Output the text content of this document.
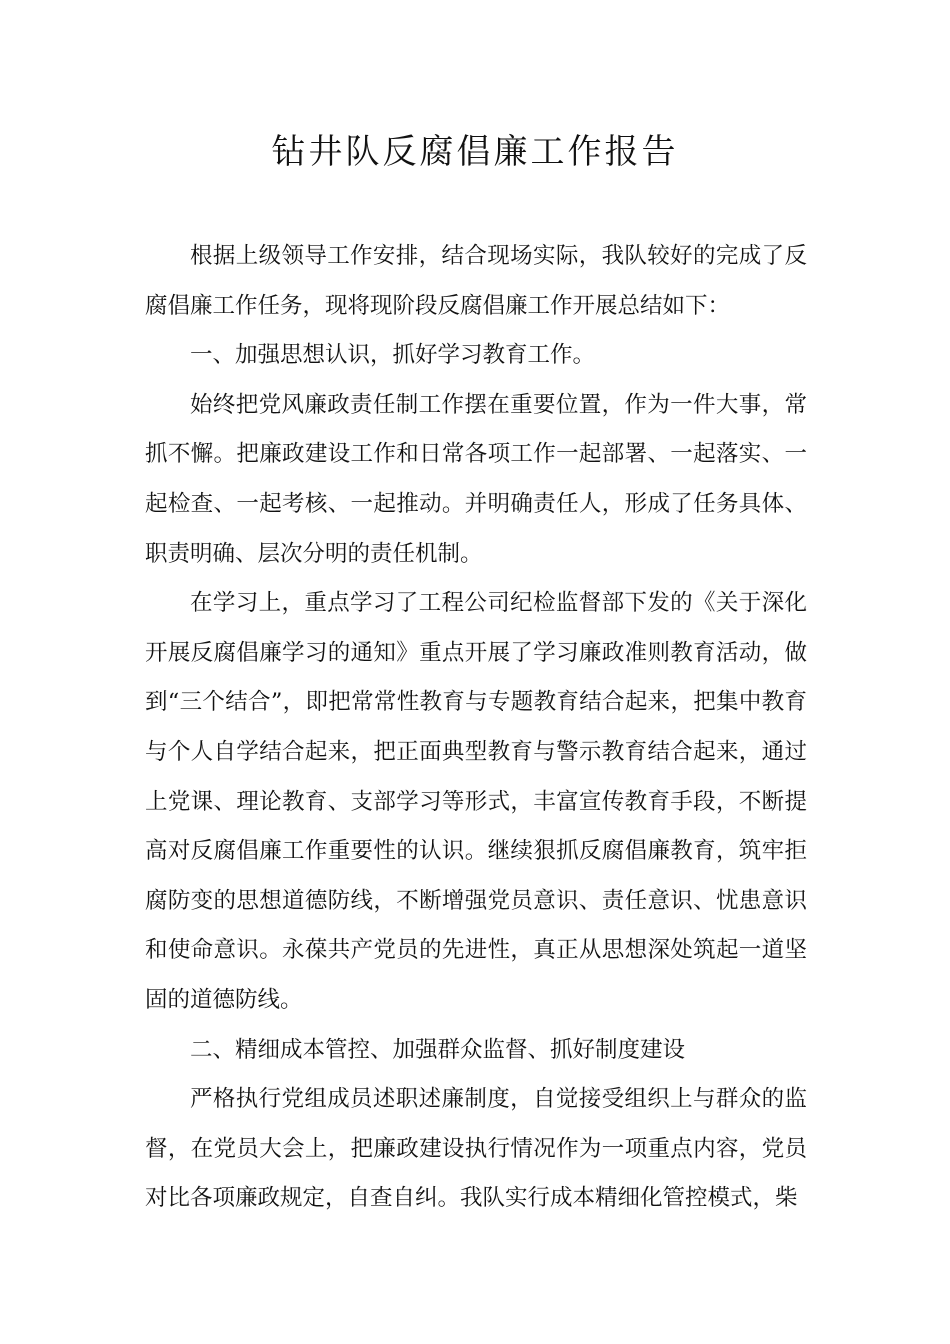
钻井队反腐倡廉工作报告

根据上级领导工作安排，结合现场实际，我队较好的完成了反腐倡廉工作任务，现将现阶段反腐倡廉工作开展总结如下：

一、加强思想认识，抓好学习教育工作。

始终把党风廉政责任制工作摆在重要位置，作为一件大事，常抓不懈。把廉政建设工作和日常各项工作一起部署、一起落实、一起检查、一起考核、一起推动。并明确责任人，形成了任务具体、职责明确、层次分明的责任机制。

在学习上，重点学习了工程公司纪检监督部下发的《关于深化开展反腐倡廉学习的通知》重点开展了学习廉政准则教育活动，做到“三个结合”，即把常常性教育与专题教育结合起来，把集中教育与个人自学结合起来，把正面典型教育与警示教育结合起来，通过上党课、理论教育、支部学习等形式，丰富宣传教育手段，不断提高对反腐倡廉工作重要性的认识。继续狠抓反腐倡廉教育，筑牢拒腐防变的思想道德防线，不断增强党员意识、责任意识、忧患意识和使命意识。永葆共产党员的先进性，真正从思想深处筑起一道坚固的道德防线。

二、精细成本管控、加强群众监督、抓好制度建设

严格执行党组成员述职述廉制度，自觉接受组织上与群众的监督，在党员大会上，把廉政建设执行情况作为一项重点内容，党员对比各项廉政规定，自查自纠。我队实行成本精细化管控模式，柴
